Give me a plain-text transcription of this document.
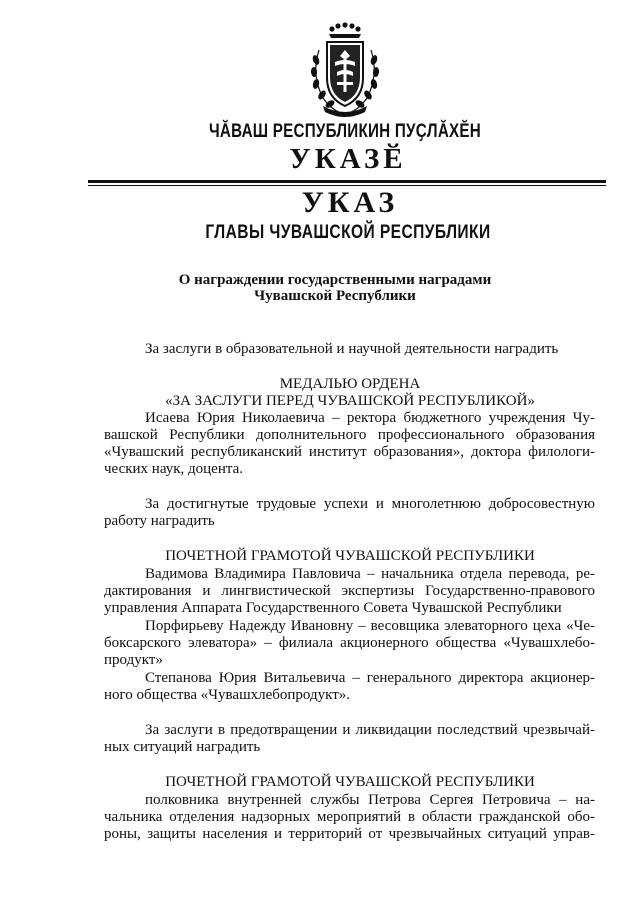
ЧӐВАШ РЕСПУБЛИКИН ПУҪЛӐХӖН
УКАЗӖ
УКАЗ
ГЛАВЫ ЧУВАШСКОЙ РЕСПУБЛИКИ
О награждении государственными наградами
Чувашской Республики
За заслуги в образовательной и научной деятельности наградить
МЕДАЛЬЮ ОРДЕНА
«ЗА ЗАСЛУГИ ПЕРЕД ЧУВАШСКОЙ РЕСПУБЛИКОЙ»
Исаева Юрия Николаевича – ректора бюджетного учреждения Чу-
вашской Республики дополнительного профессионального образования
«Чувашский республиканский институт образования», доктора филологи-
ческих наук, доцента.
За достигнутые трудовые успехи и многолетнюю добросовестную
работу наградить
ПОЧЕТНОЙ ГРАМОТОЙ ЧУВАШСКОЙ РЕСПУБЛИКИ
Вадимова Владимира Павловича – начальника отдела перевода, ре-
дактирования и лингвистической экспертизы Государственно-правового
управления Аппарата Государственного Совета Чувашской Республики
Порфирьеву Надежду Ивановну – весовщика элеваторного цеха «Че-
боксарского элеватора» – филиала акционерного общества «Чувашхлебо-
продукт»
Степанова Юрия Витальевича – генерального директора акционер-
ного общества «Чувашхлебопродукт».
За заслуги в предотвращении и ликвидации последствий чрезвычай-
ных ситуаций наградить
ПОЧЕТНОЙ ГРАМОТОЙ ЧУВАШСКОЙ РЕСПУБЛИКИ
полковника внутренней службы Петрова Сергея Петровича – на-
чальника отделения надзорных мероприятий в области гражданской обо-
роны, защиты населения и территорий от чрезвычайных ситуаций управ-
